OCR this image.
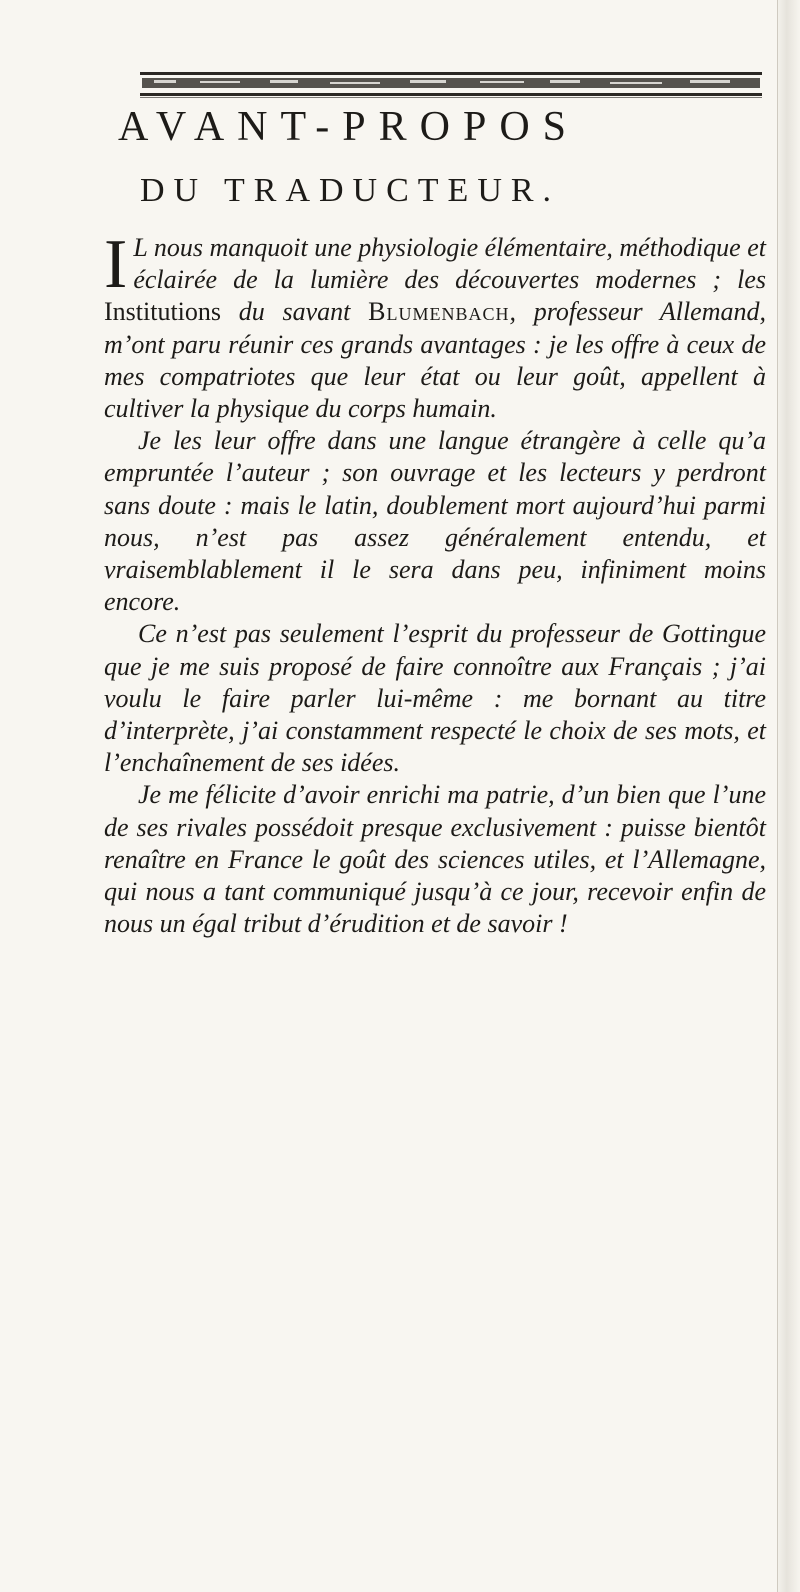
AVANT-PROPOS
DU TRADUCTEUR.

I L nous manquoit une physiologie élémentaire, méthodique et éclairée de la lumière des découvertes modernes ; les Institutions du savant Blumenbach, professeur Allemand, m’ont paru réunir ces grands avantages : je les offre à ceux de mes compatriotes que leur état ou leur goût, appellent à cultiver la physique du corps humain.

Je les leur offre dans une langue étrangère à celle qu’a empruntée l’auteur ; son ouvrage et les lecteurs y perdront sans doute : mais le latin, doublement mort aujourd’hui parmi nous, n’est pas assez généralement entendu, et vraisemblablement il le sera dans peu, infiniment moins encore.

Ce n’est pas seulement l’esprit du professeur de Gottingue que je me suis proposé de faire connoître aux Français ; j’ai voulu le faire parler lui-même : me bornant au titre d’interprète, j’ai constamment respecté le choix de ses mots, et l’enchaînement de ses idées.

Je me félicite d’avoir enrichi ma patrie, d’un bien que l’une de ses rivales possédoit presque exclusivement : puisse bientôt renaître en France le goût des sciences utiles, et l’Allemagne, qui nous a tant communiqué jusqu’à ce jour, recevoir enfin de nous un égal tribut d’érudition et de savoir !
